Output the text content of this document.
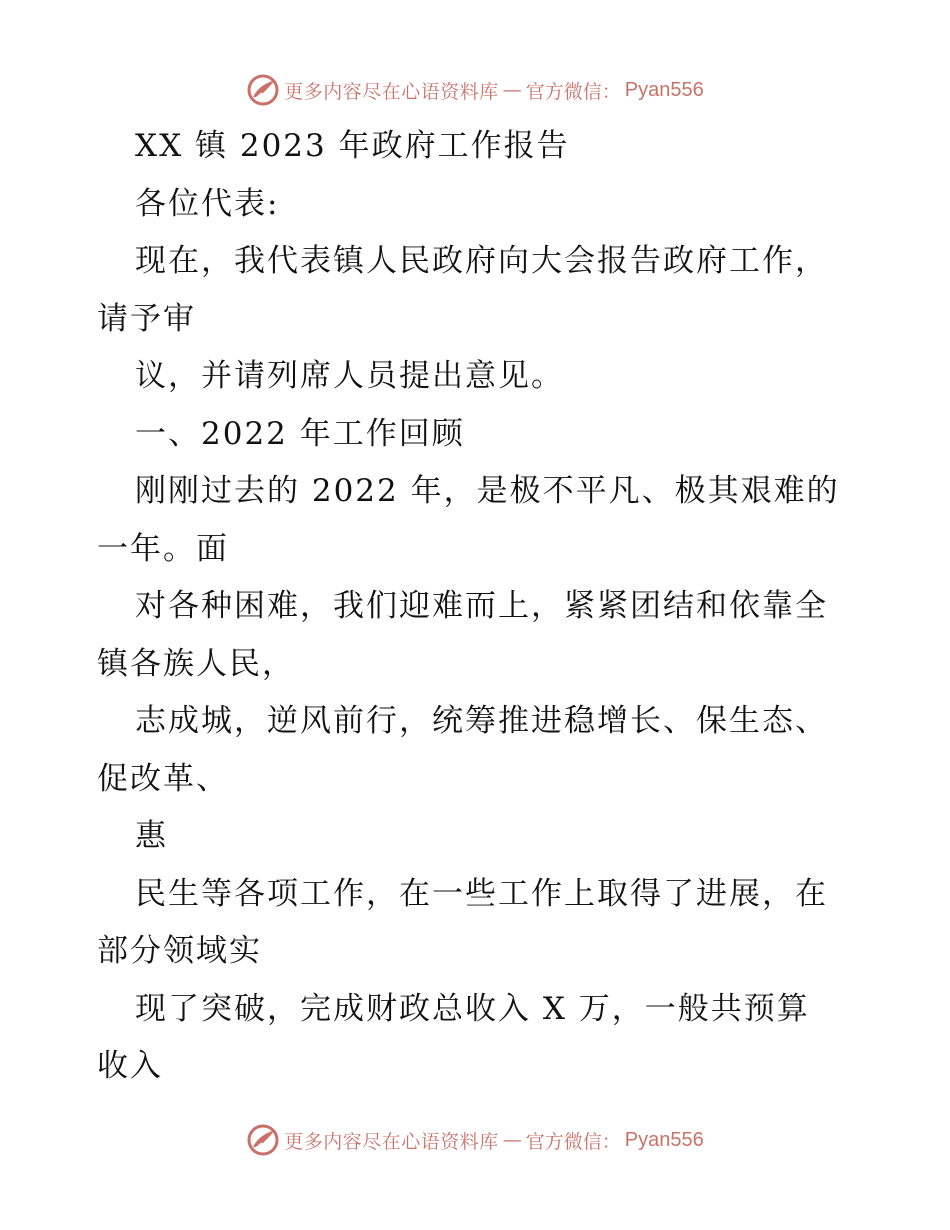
更多内容尽在心语资料库 — 官方微信： Pyan556
XX 镇 2023 年政府工作报告
各位代表:
现在，我代表镇人民政府向大会报告政府工作，
请予审
议，并请列席人员提出意见。
一、2022 年工作回顾
刚刚过去的 2022 年，是极不平凡、极其艰难的
一年。面
对各种困难，我们迎难而上，紧紧团结和依靠全
镇各族人民，
志成城，逆风前行，统筹推进稳增长、保生态、
促改革、
惠
民生等各项工作，在一些工作上取得了进展，在
部分领域实
现了突破，完成财政总收入 X 万，一般共预算
收入
更多内容尽在心语资料库 — 官方微信： Pyan556
